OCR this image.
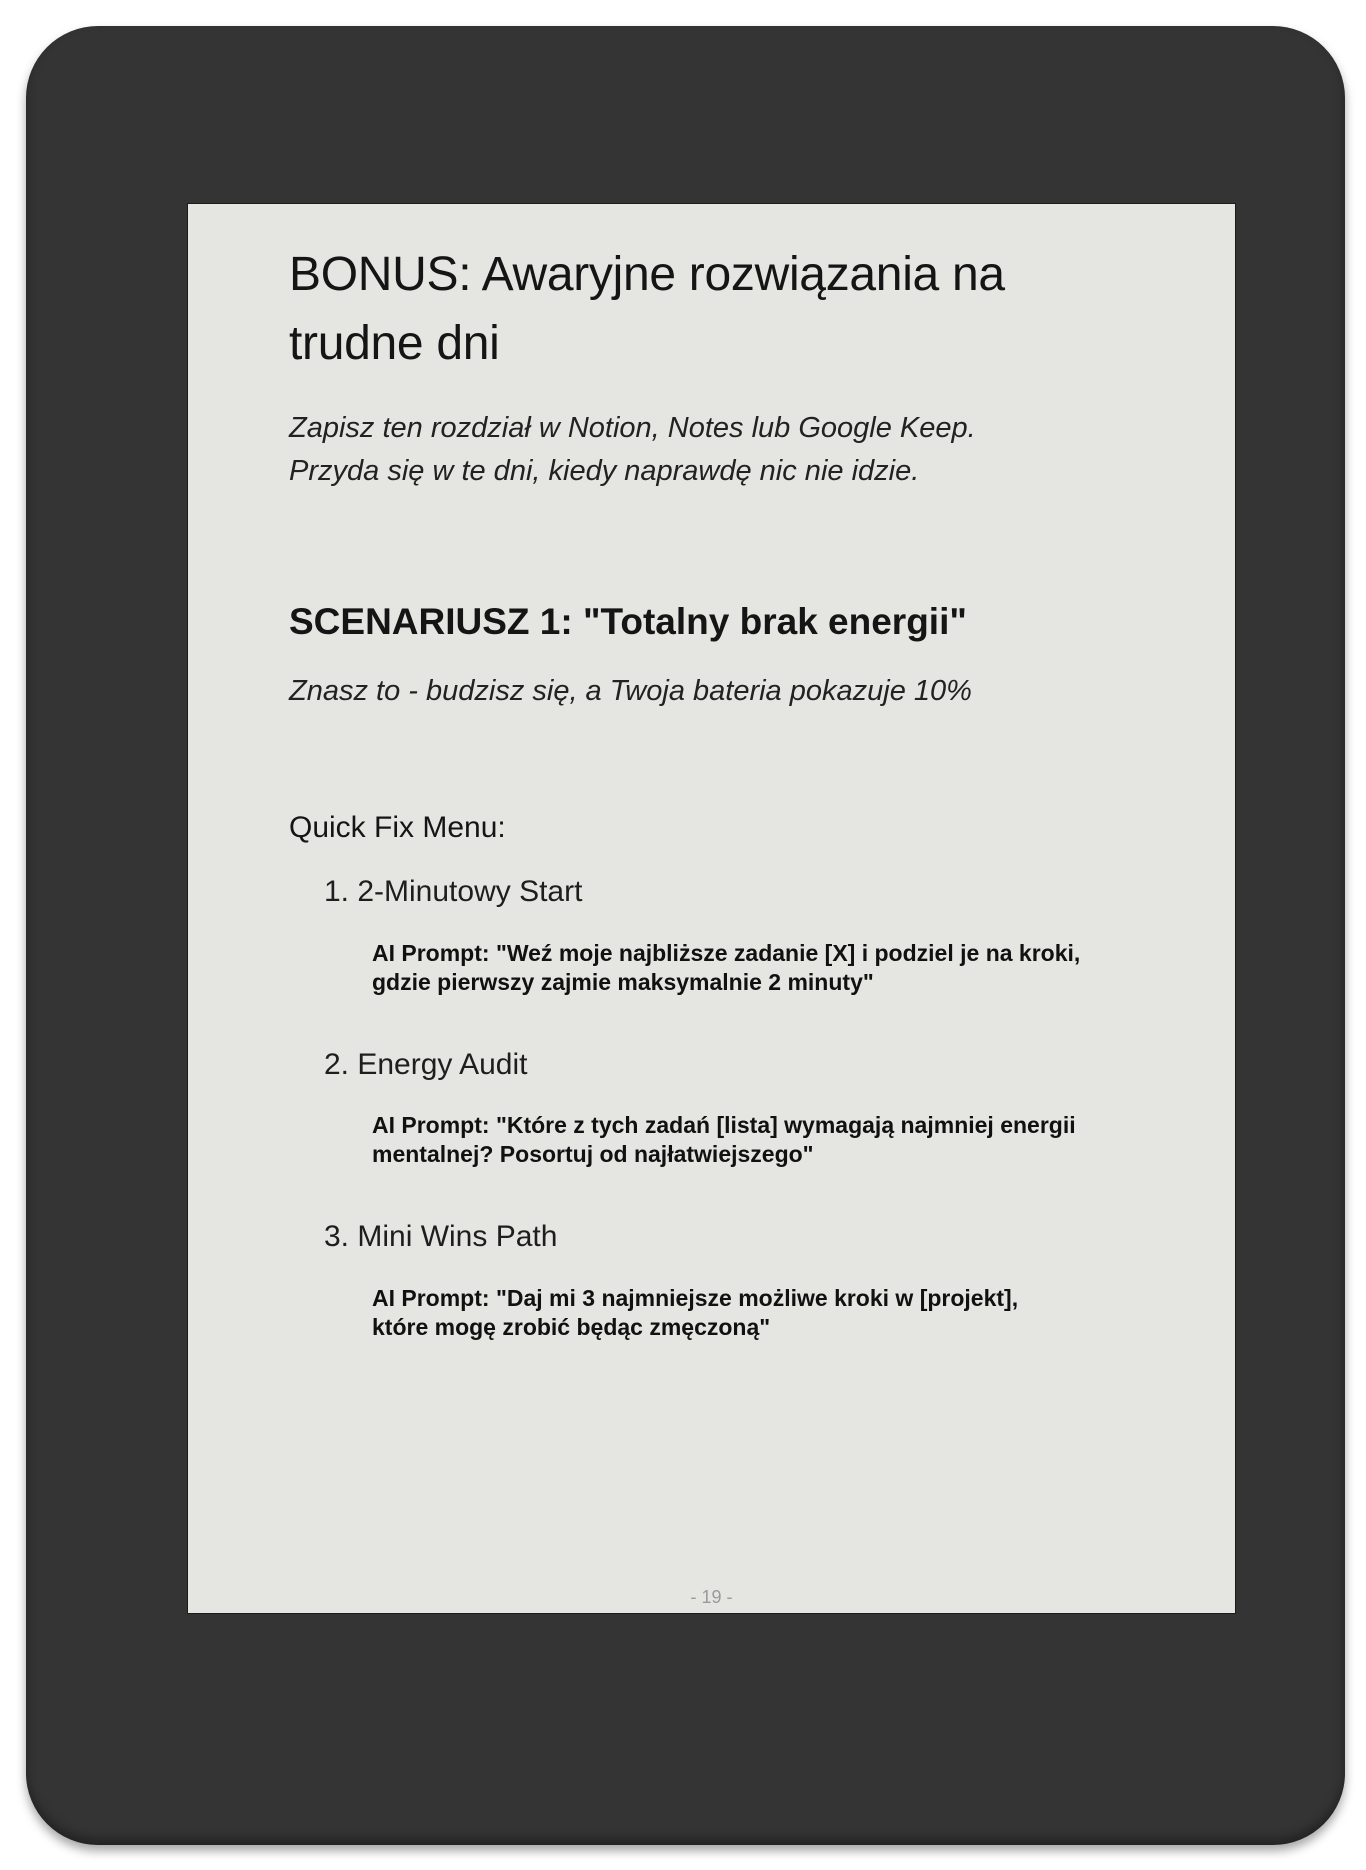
BONUS: Awaryjne rozwiązania na
trudne dni

Zapisz ten rozdział w Notion, Notes lub Google Keep.
Przyda się w te dni, kiedy naprawdę nic nie idzie.

SCENARIUSZ 1: "Totalny brak energii"

Znasz to - budzisz się, a Twoja bateria pokazuje 10%

Quick Fix Menu:

1. 2-Minutowy Start

AI Prompt: "Weź moje najbliższe zadanie [X] i podziel je na kroki,
gdzie pierwszy zajmie maksymalnie 2 minuty"

2. Energy Audit

AI Prompt: "Które z tych zadań [lista] wymagają najmniej energii
mentalnej? Posortuj od najłatwiejszego"

3. Mini Wins Path

AI Prompt: "Daj mi 3 najmniejsze możliwe kroki w [projekt],
które mogę zrobić będąc zmęczoną"

- 19 -
